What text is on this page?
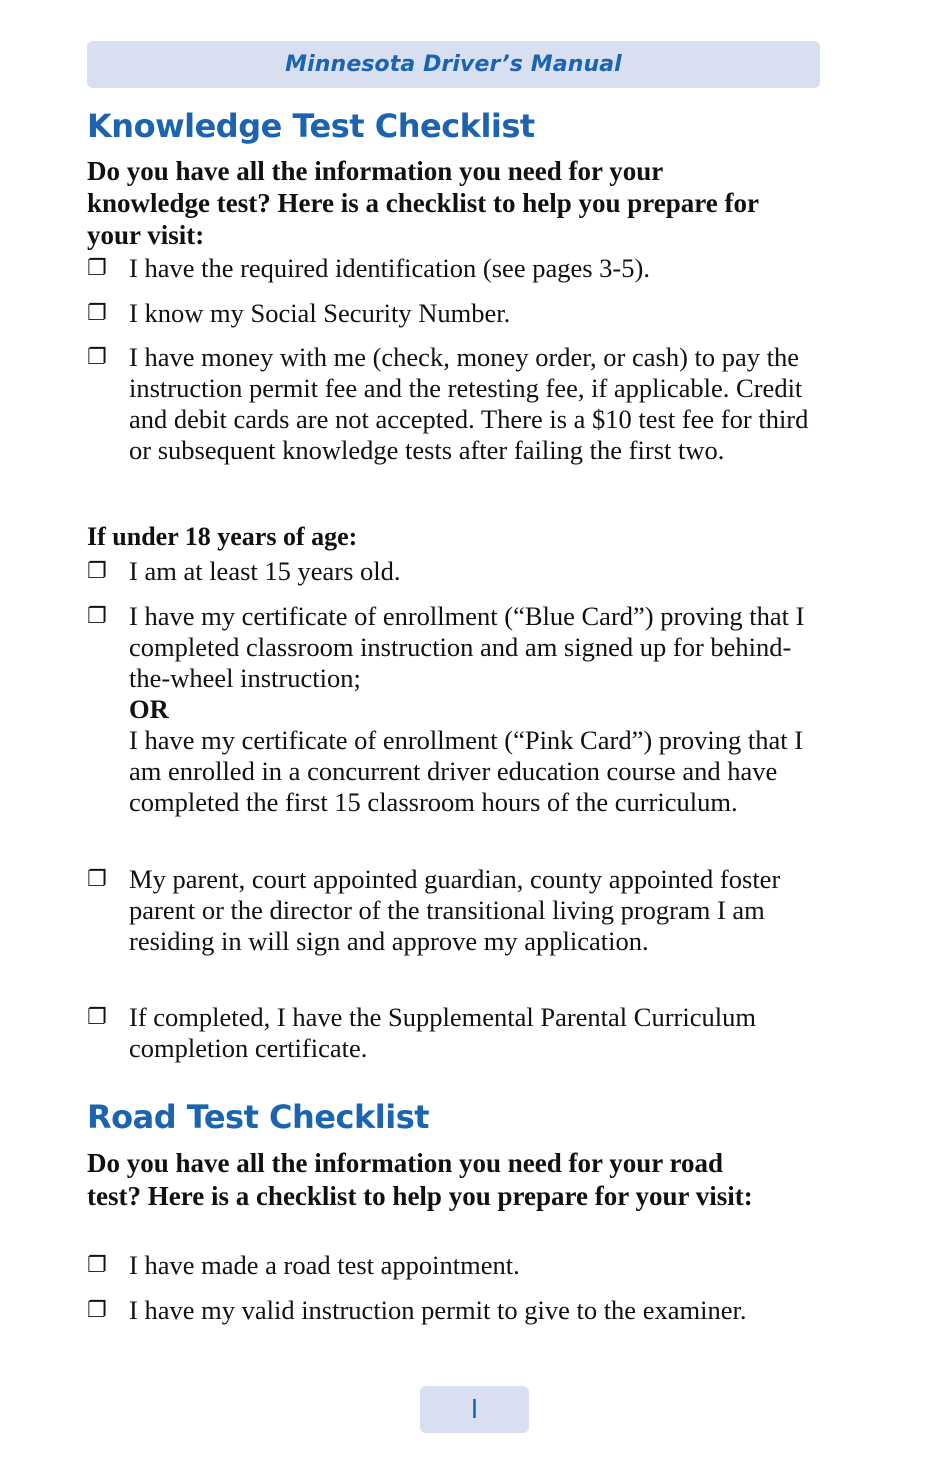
Minnesota Driver’s Manual
Knowledge Test Checklist

Do you have all the information you need for your knowledge test? Here is a checklist to help you prepare for your visit:

❐ I have the required identification (see pages 3-5).

❐ I know my Social Security Number.

❐ I have money with me (check, money order, or cash) to pay the instruction permit fee and the retesting fee, if applicable. Credit and debit cards are not accepted. There is a $10 test fee for third or subsequent knowledge tests after failing the first two.

If under 18 years of age:

❐ I am at least 15 years old.

❐ I have my certificate of enrollment (“Blue Card”) proving that I completed classroom instruction and am signed up for behind-the-wheel instruction;

OR

I have my certificate of enrollment (“Pink Card”) proving that I am enrolled in a concurrent driver education course and have completed the first 15 classroom hours of the curriculum.

❐ My parent, court appointed guardian, county appointed foster parent or the director of the transitional living program I am residing in will sign and approve my application.

❐ If completed, I have the Supplemental Parental Curriculum completion certificate.

Road Test Checklist

Do you have all the information you need for your road test? Here is a checklist to help you prepare for your visit:

❐ I have made a road test appointment.

❐ I have my valid instruction permit to give to the examiner.

I
